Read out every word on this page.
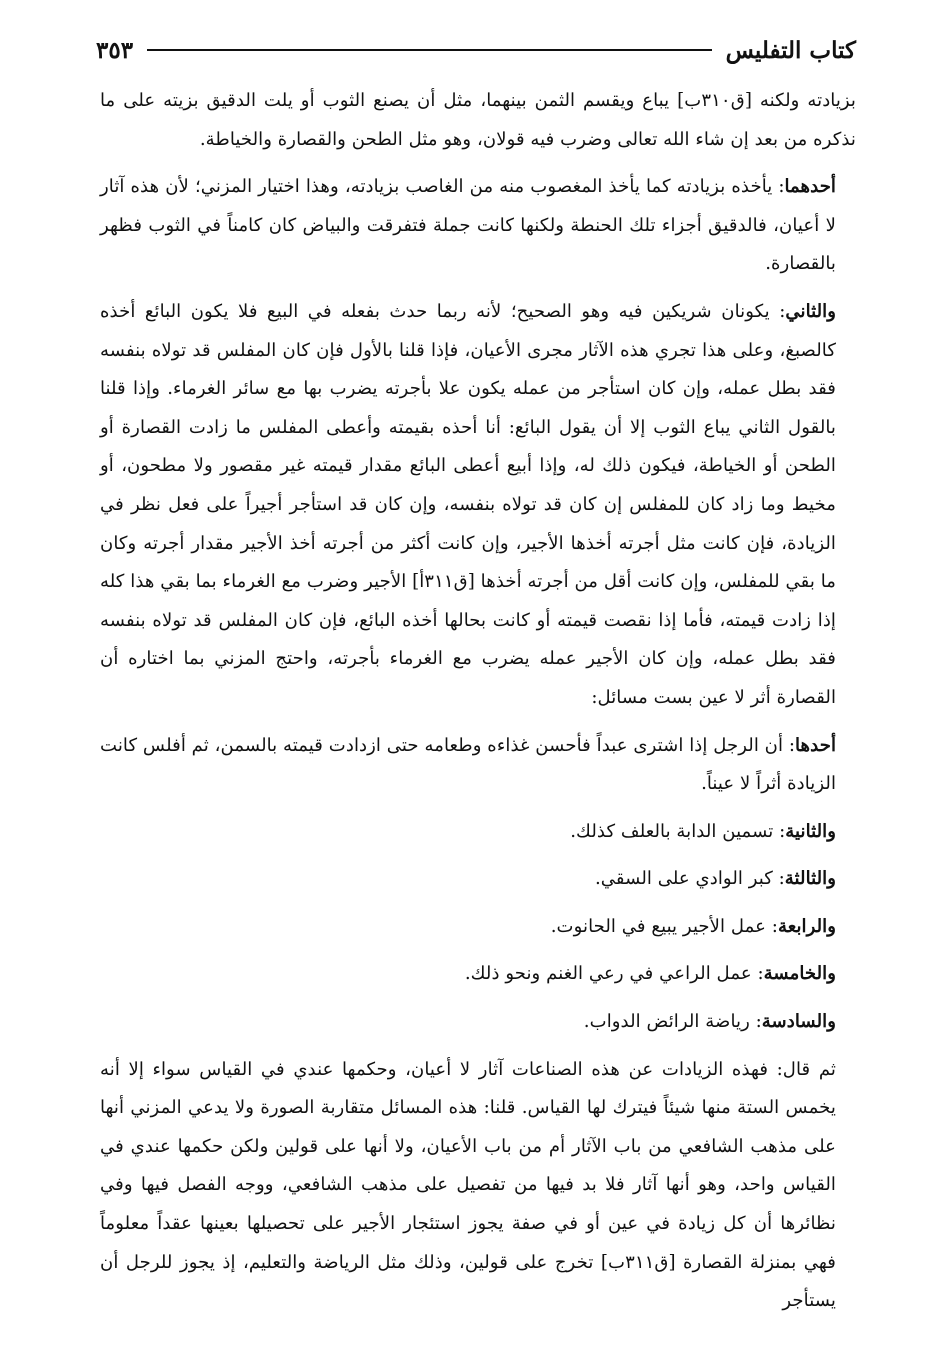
كتاب التفليس
٣٥٣

بزيادته ولكنه [ق٣١٠ب] يباع ويقسم الثمن بينهما، مثل أن يصنع الثوب أو يلت الدقيق بزيته على ما نذكره من بعد إن شاء الله تعالى وضرب فيه قولان، وهو مثل الطحن والقصارة والخياطة.

أحدهما: يأخذه بزيادته كما يأخذ المغصوب منه من الغاصب بزيادته، وهذا اختيار المزني؛ لأن هذه آثار لا أعيان، فالدقيق أجزاء تلك الحنطة ولكنها كانت جملة فتفرقت والبياض كان كامناً في الثوب فظهر بالقصارة.

والثاني: يكونان شريكين فيه وهو الصحيح؛ لأنه ربما حدث بفعله في البيع فلا يكون البائع أخذه كالصبغ، وعلى هذا تجري هذه الآثار مجرى الأعيان، فإذا قلنا بالأول فإن كان المفلس قد تولاه بنفسه فقد بطل عمله، وإن كان استأجر من عمله يكون علا بأجرته يضرب بها مع سائر الغرماء. وإذا قلنا بالقول الثاني يباع الثوب إلا أن يقول البائع: أنا أحذه بقيمته وأعطى المفلس ما زادت القصارة أو الطحن أو الخياطة، فيكون ذلك له، وإذا أبيع أعطى البائع مقدار قيمته غير مقصور ولا مطحون، أو مخيط وما زاد كان للمفلس إن كان قد تولاه بنفسه، وإن كان قد استأجر أجيراً على فعل نظر في الزيادة، فإن كانت مثل أجرته أخذها الأجير، وإن كانت أكثر من أجرته أخذ الأجير مقدار أجرته وكان ما بقي للمفلس، وإن كانت أقل من أجرته أخذها [ق٣١١أ] الأجير وضرب مع الغرماء بما بقي هذا كله إذا زادت قيمته، فأما إذا نقصت قيمته أو كانت بحالها أخذه البائع، فإن كان المفلس قد تولاه بنفسه فقد بطل عمله، وإن كان الأجير عمله يضرب مع الغرماء بأجرته، واحتج المزني بما اختاره أن القصارة أثر لا عين بست مسائل:

أحدها: أن الرجل إذا اشترى عبداً فأحسن غذاءه وطعامه حتى ازدادت قيمته بالسمن، ثم أفلس كانت الزيادة أثراً لا عيناً.

والثانية: تسمين الدابة بالعلف كذلك.

والثالثة: كبر الوادي على السقي.

والرابعة: عمل الأجير يبيع في الحانوت.

والخامسة: عمل الراعي في رعي الغنم ونحو ذلك.

والسادسة: رياضة الرائض الدواب.

ثم قال: فهذه الزيادات عن هذه الصناعات آثار لا أعيان، وحكمها عندي في القياس سواء إلا أنه يخمس الستة منها شيئاً فيترك لها القياس. قلنا: هذه المسائل متقاربة الصورة ولا يدعي المزني أنها على مذهب الشافعي من باب الآثار أم من باب الأعيان، ولا أنها على قولين ولكن حكمها عندي في القياس واحد، وهو أنها آثار فلا بد فيها من تفصيل على مذهب الشافعي، ووجه الفصل فيها وفي نظائرها أن كل زيادة في عين أو في صفة يجوز استئجار الأجير على تحصيلها بعينها عقداً معلوماً فهي بمنزلة القصارة [ق٣١١ب] تخرج على قولين، وذلك مثل الرياضة والتعليم، إذ يجوز للرجل أن يستأجر
